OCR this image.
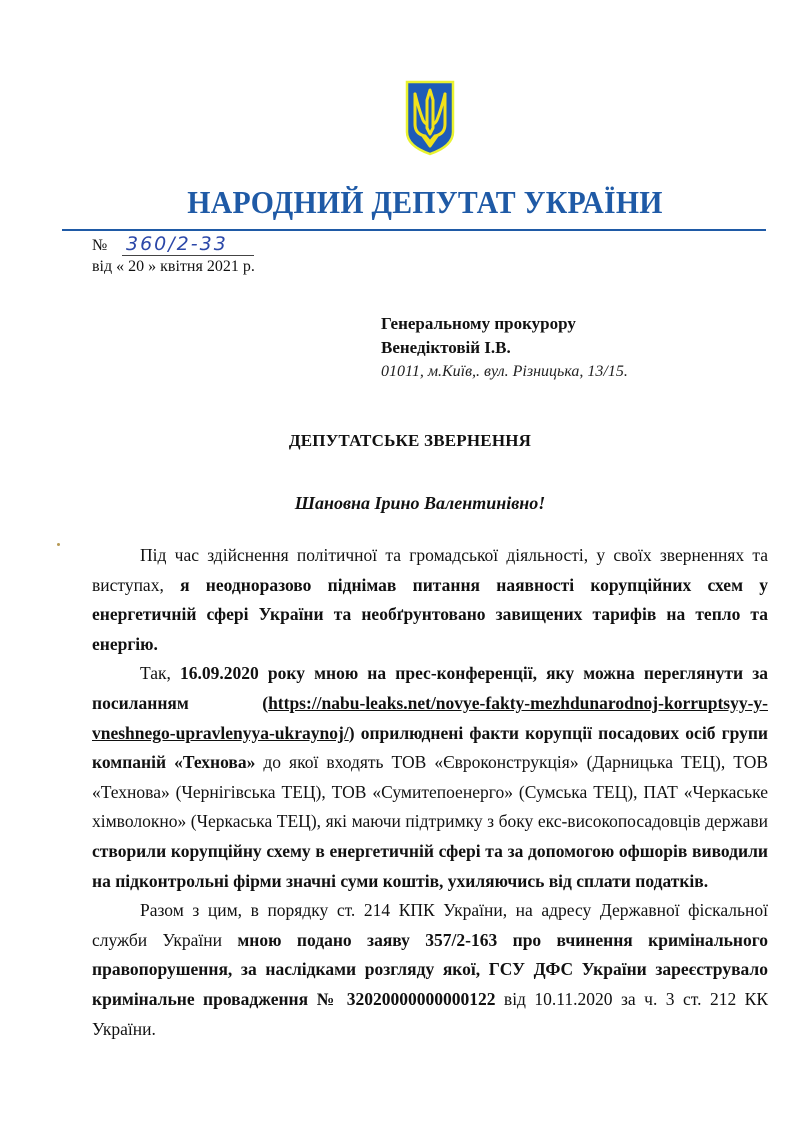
НАРОДНИЙ ДЕПУТАТ УКРАЇНИ
№ 360/2-33
від « 20 » квітня 2021 р.
Генеральному прокурору
Венедіктовій І.В.
01011, м.Київ,. вул. Різницька, 13/15.
ДЕПУТАТСЬКЕ ЗВЕРНЕННЯ
Шановна Ірино Валентинівно!

Під час здійснення політичної та громадської діяльності, у своїх зверненнях та виступах, я неодноразово піднімав питання наявності корупційних схем у енергетичній сфері України та необґрунтовано завищених тарифів на тепло та енергію.

Так, 16.09.2020 року мною на прес-конференції, яку можна переглянути за посиланням (https://nabu-leaks.net/novye-fakty-mezhdunarodnoj-korruptsyy-y-vneshnego-upravlenyya-ukraynoj/) оприлюднені факти корупції посадових осіб групи компаній «Технова» до якої входять ТОВ «Євроконструкція» (Дарницька ТЕЦ), ТОВ «Технова» (Чернігівська ТЕЦ), ТОВ «Сумитепоенерго» (Сумська ТЕЦ), ПАТ «Черкаське хімволокно» (Черкаська ТЕЦ), які маючи підтримку з боку екс-високопосадовців держави створили корупційну схему в енергетичній сфері та за допомогою офшорів виводили на підконтрольні фірми значні суми коштів, ухиляючись від сплати податків.

Разом з цим, в порядку ст. 214 КПК України, на адресу Державної фіскальної служби України мною подано заяву 357/2-163 про вчинення кримінального правопорушення, за наслідками розгляду якої, ГСУ ДФС України зареєструвало кримінальне провадження № 32020000000000122 від 10.11.2020 за ч. 3 ст. 212 КК України.
